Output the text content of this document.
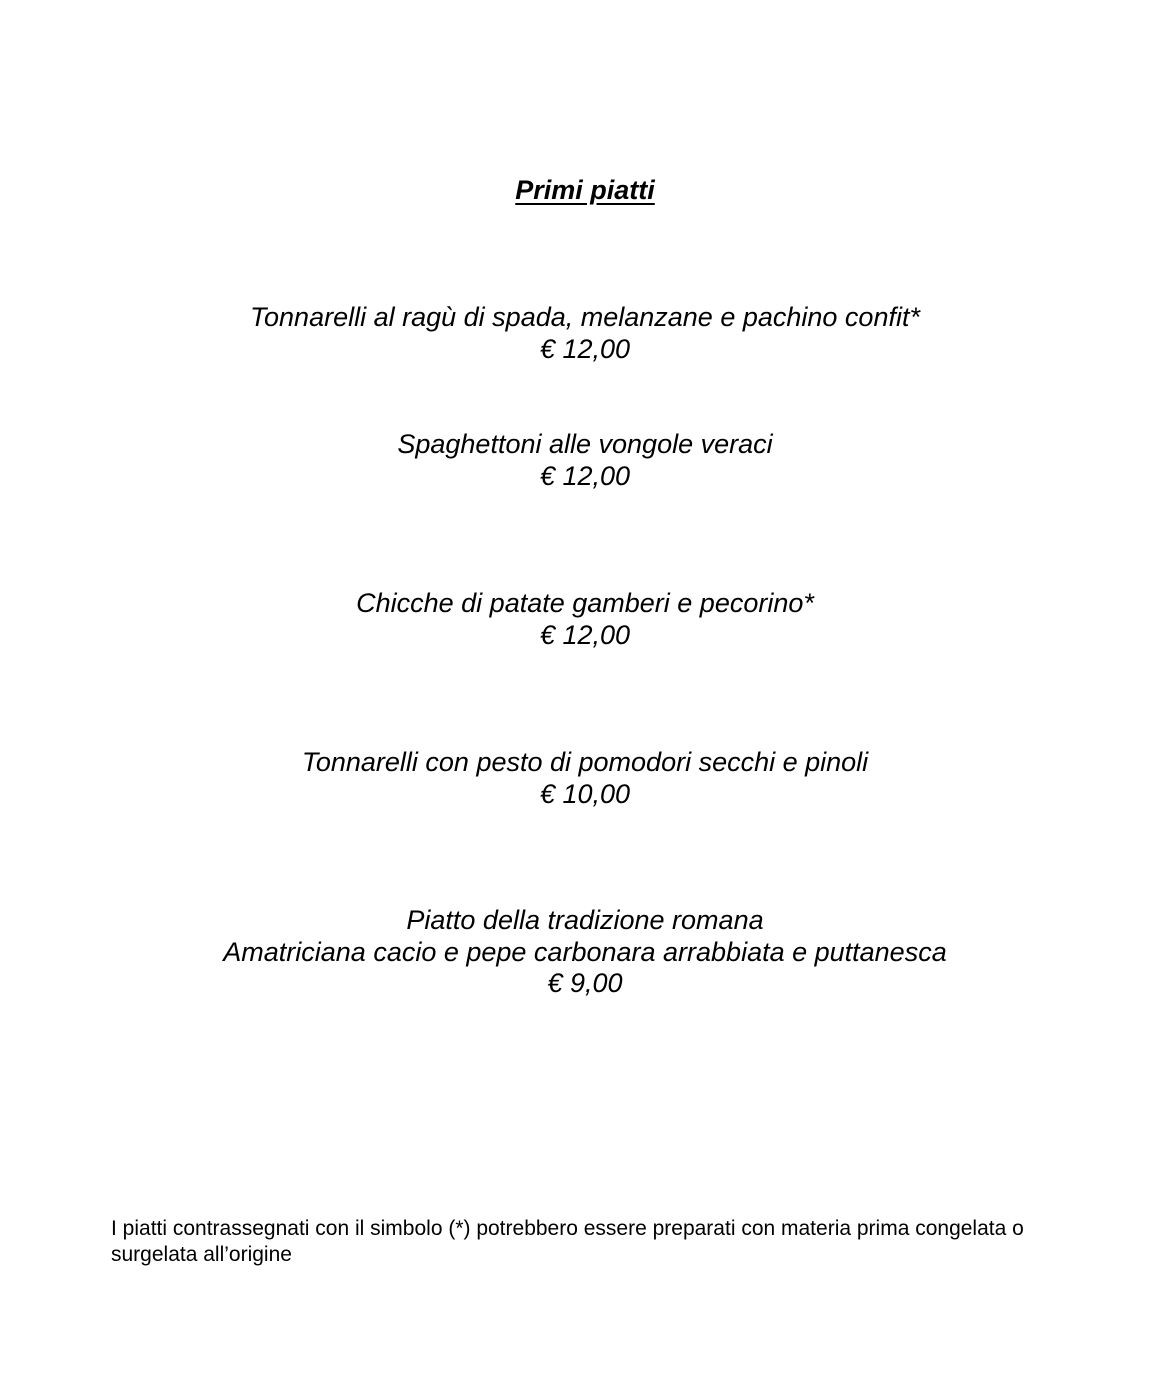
Primi piatti
Tonnarelli al ragù di spada, melanzane e pachino confit*
€ 12,00
Spaghettoni alle vongole veraci
€ 12,00
Chicche di patate gamberi e pecorino*
€ 12,00
Tonnarelli con pesto di pomodori secchi e pinoli
€ 10,00
Piatto della tradizione romana
Amatriciana cacio e pepe carbonara arrabbiata e puttanesca
€ 9,00
I piatti contrassegnati con il simbolo (*) potrebbero essere preparati con materia prima congelata o
surgelata all’origine
